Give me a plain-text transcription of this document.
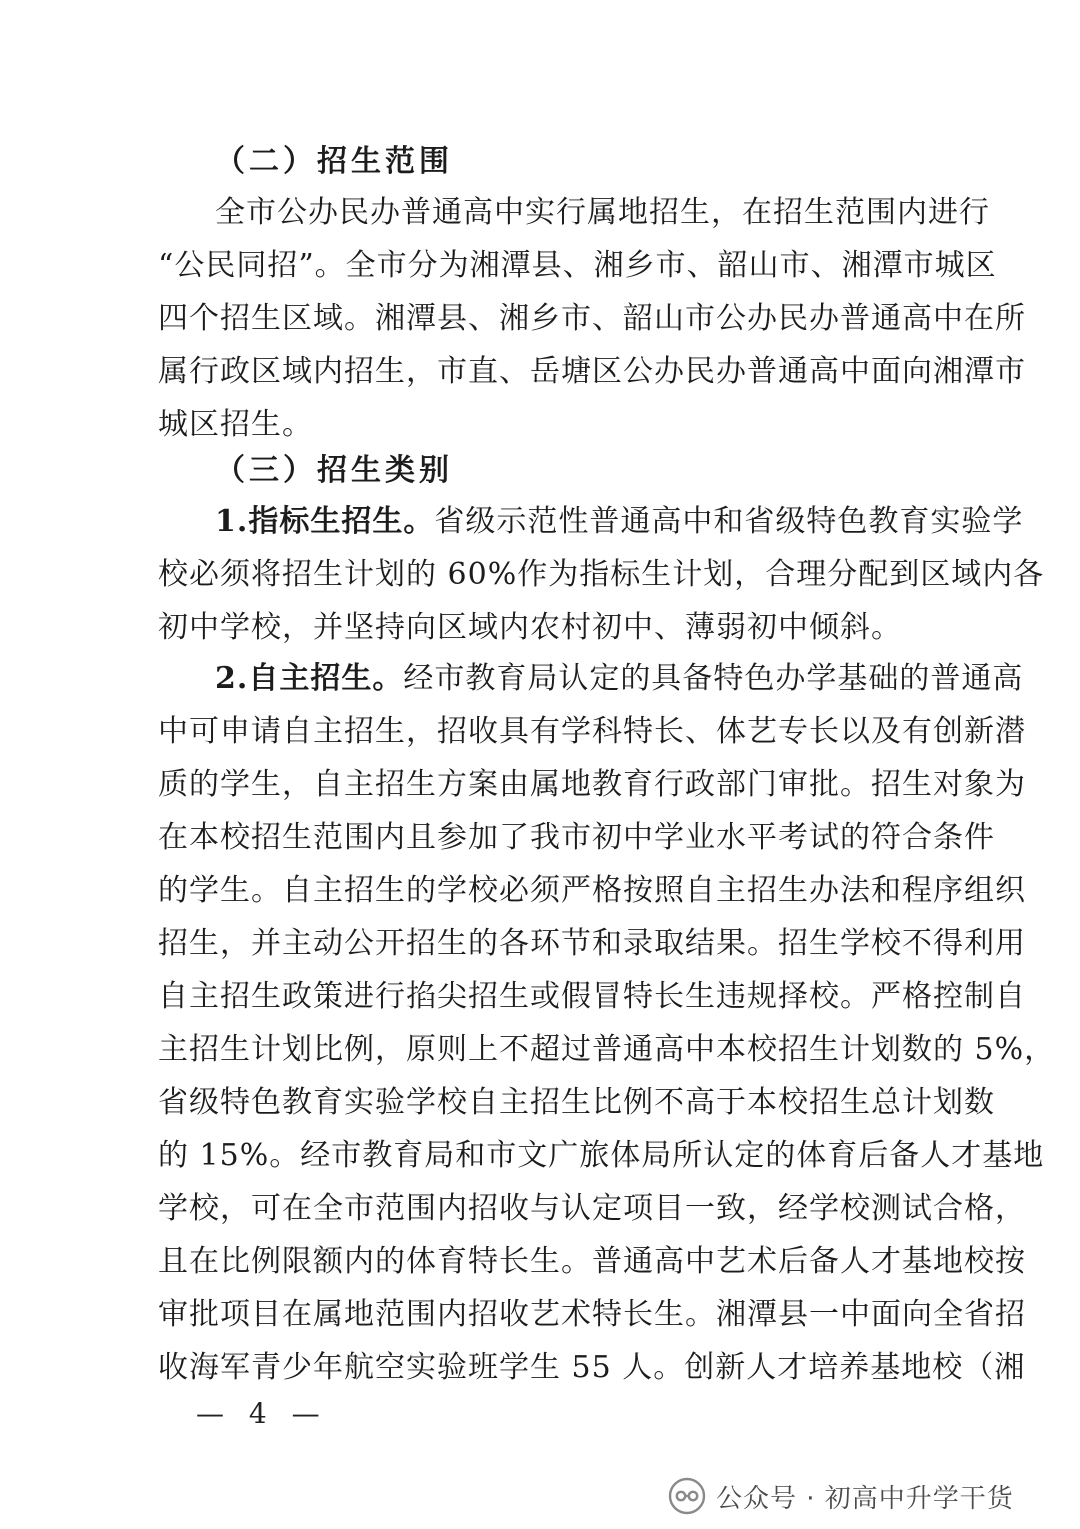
（二）招生范围
全市公办民办普通高中实行属地招生，在招生范围内进行
“公民同招”。全市分为湘潭县、湘乡市、韶山市、湘潭市城区
四个招生区域。湘潭县、湘乡市、韶山市公办民办普通高中在所
属行政区域内招生，市直、岳塘区公办民办普通高中面向湘潭市
城区招生。
（三）招生类别
1.指标生招生。省级示范性普通高中和省级特色教育实验学
校必须将招生计划的 60%作为指标生计划，合理分配到区域内各
初中学校，并坚持向区域内农村初中、薄弱初中倾斜。
2.自主招生。经市教育局认定的具备特色办学基础的普通高
中可申请自主招生，招收具有学科特长、体艺专长以及有创新潜
质的学生，自主招生方案由属地教育行政部门审批。招生对象为
在本校招生范围内且参加了我市初中学业水平考试的符合条件
的学生。自主招生的学校必须严格按照自主招生办法和程序组织
招生，并主动公开招生的各环节和录取结果。招生学校不得利用
自主招生政策进行掐尖招生或假冒特长生违规择校。严格控制自
主招生计划比例，原则上不超过普通高中本校招生计划数的 5%，
省级特色教育实验学校自主招生比例不高于本校招生总计划数
的 15%。经市教育局和市文广旅体局所认定的体育后备人才基地
学校，可在全市范围内招收与认定项目一致，经学校测试合格，
且在比例限额内的体育特长生。普通高中艺术后备人才基地校按
审批项目在属地范围内招收艺术特长生。湘潭县一中面向全省招
收海军青少年航空实验班学生 55 人。创新人才培养基地校（湘
— 4 —
公众号 · 初高中升学干货
